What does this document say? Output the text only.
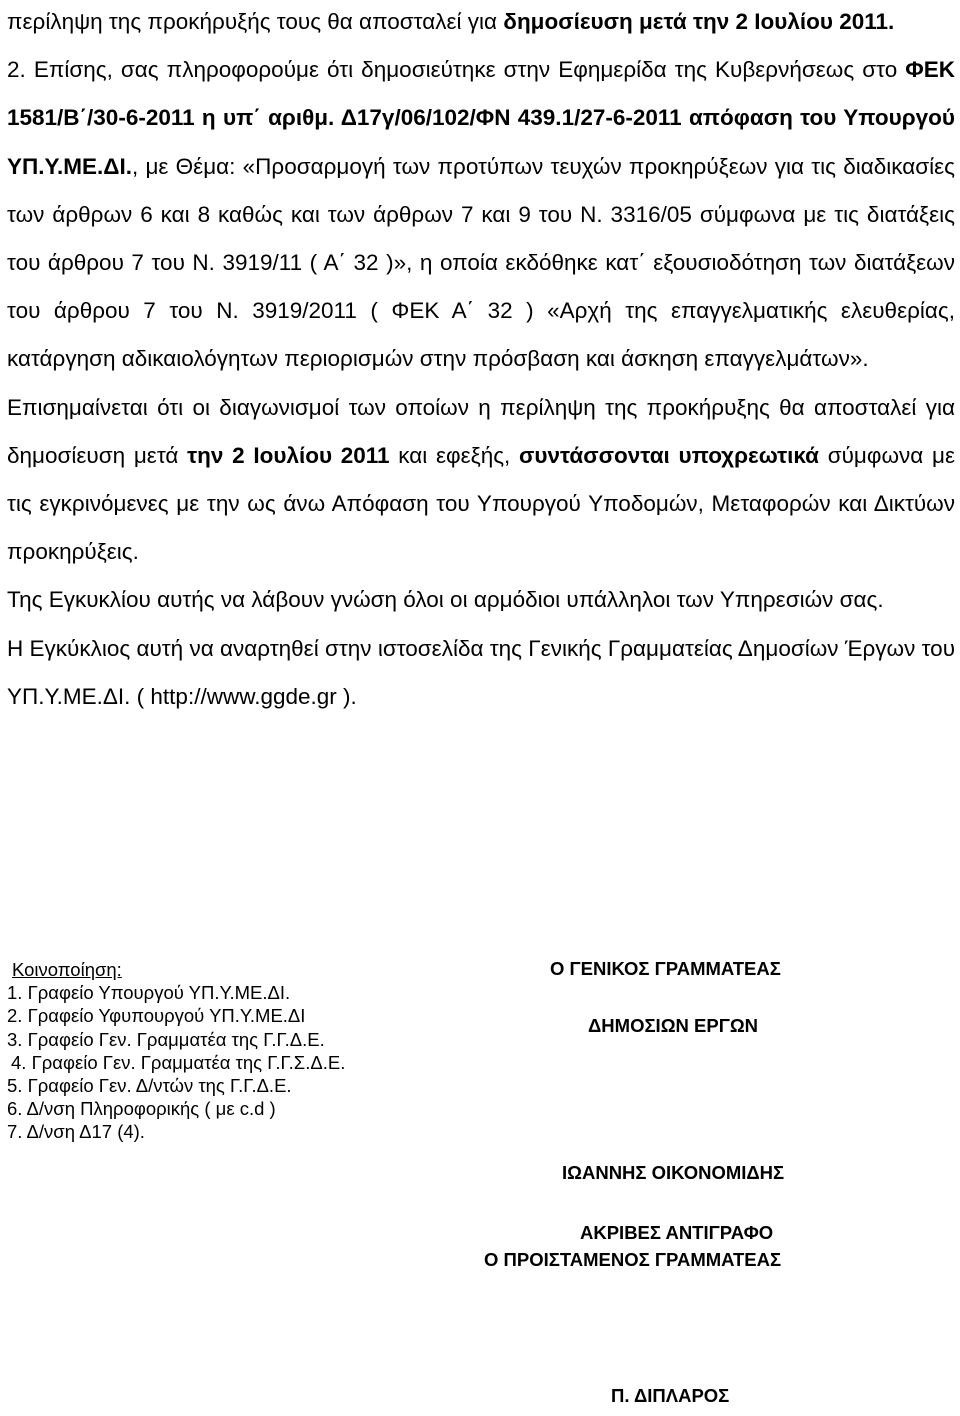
περίληψη της προκήρυξής τους θα αποσταλεί για δημοσίευση μετά την 2 Ιουλίου 2011.

2. Επίσης, σας πληροφορούμε ότι δημοσιεύτηκε στην Εφημερίδα της Κυβερνήσεως στο ΦΕΚ 1581/Β΄/30-6-2011 η υπ΄ αριθμ. Δ17γ/06/102/ΦΝ 439.1/27-6-2011 απόφαση του Υπουργού ΥΠ.Υ.ΜΕ.ΔΙ., με Θέμα: «Προσαρμογή των προτύπων τευχών προκηρύξεων για τις διαδικασίες των άρθρων 6 και 8 καθώς και των άρθρων 7 και 9 του Ν. 3316/05 σύμφωνα με τις διατάξεις του άρθρου 7 του Ν. 3919/11 ( Α΄ 32 )», η οποία εκδόθηκε κατ΄ εξουσιοδότηση των διατάξεων του άρθρου 7 του Ν. 3919/2011 ( ΦΕΚ Α΄ 32 ) «Αρχή της επαγγελματικής ελευθερίας, κατάργηση αδικαιολόγητων περιορισμών στην πρόσβαση και άσκηση επαγγελμάτων».

Επισημαίνεται ότι οι διαγωνισμοί των οποίων η περίληψη της προκήρυξης θα αποσταλεί για δημοσίευση μετά την 2 Ιουλίου 2011 και εφεξής, συντάσσονται υποχρεωτικά σύμφωνα με τις εγκρινόμενες με την ως άνω Απόφαση του Υπουργού Υποδομών, Μεταφορών και Δικτύων προκηρύξεις.

Της Εγκυκλίου αυτής να λάβουν γνώση όλοι οι αρμόδιοι υπάλληλοι των Υπηρεσιών σας.

Η Εγκύκλιος αυτή να αναρτηθεί στην ιστοσελίδα της Γενικής Γραμματείας Δημοσίων Έργων του ΥΠ.Υ.ΜΕ.ΔΙ. ( http://www.ggde.gr ).

Κοινοποίηση:
1. Γραφείο Υπουργού ΥΠ.Υ.ΜΕ.ΔΙ.
2. Γραφείο Υφυπουργού ΥΠ.Υ.ΜΕ.ΔΙ
3. Γραφείο Γεν. Γραμματέα της Γ.Γ.Δ.Ε.
4. Γραφείο Γεν. Γραμματέα της Γ.Γ.Σ.Δ.Ε.
5. Γραφείο Γεν. Δ/ντών της Γ.Γ.Δ.Ε.
6. Δ/νση Πληροφορικής ( με c.d )
7. Δ/νση Δ17 (4).
Ο ΓΕΝΙΚΟΣ ΓΡΑΜΜΑΤΕΑΣ
ΔΗΜΟΣΙΩΝ ΕΡΓΩΝ
ΙΩΑΝΝΗΣ ΟΙΚΟΝΟΜΙΔΗΣ
ΑΚΡΙΒΕΣ ΑΝΤΙΓΡΑΦΟ
Ο ΠΡΟΙΣΤΑΜΕΝΟΣ ΓΡΑΜΜΑΤΕΑΣ
Π. ΔΙΠΛΑΡΟΣ
